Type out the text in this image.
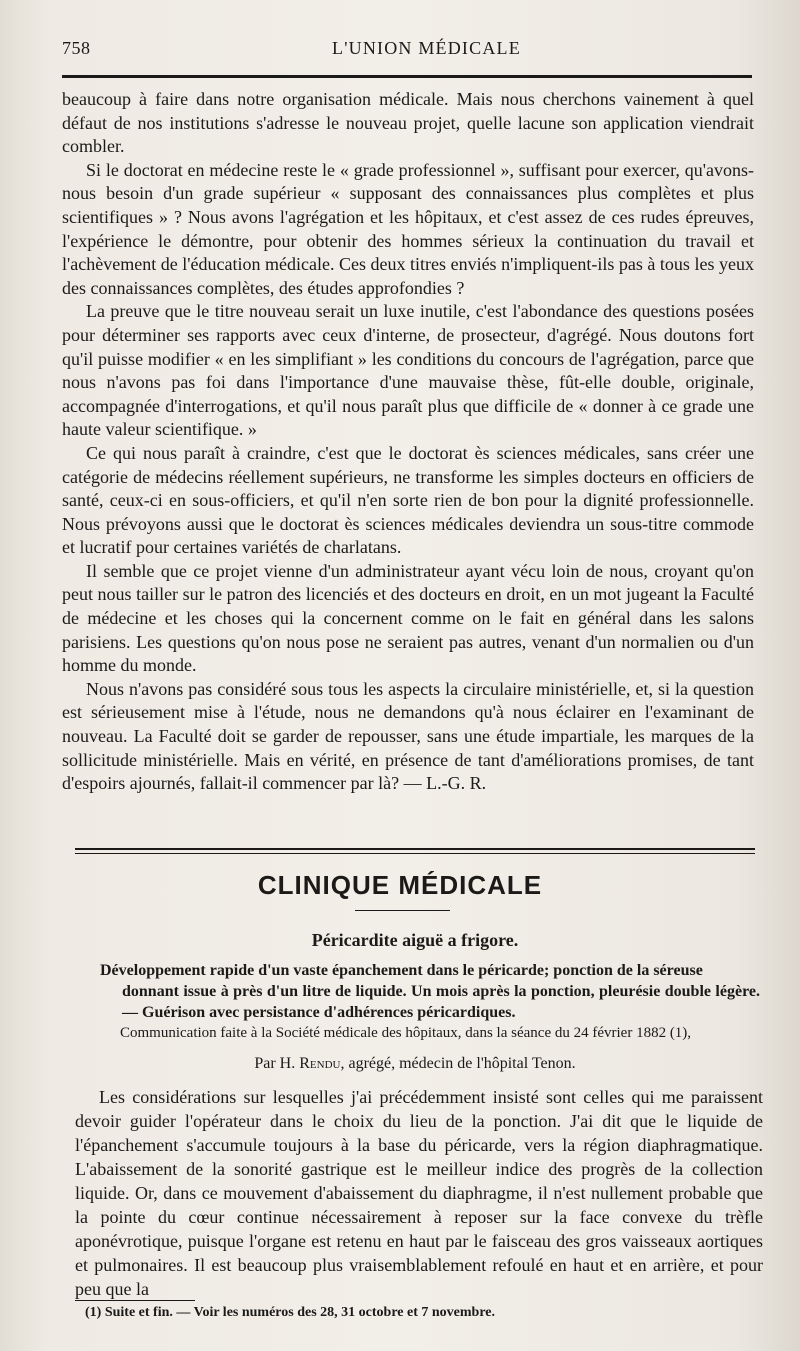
758	L'UNION MÉDICALE

beaucoup à faire dans notre organisation médicale. Mais nous cherchons vainement à quel défaut de nos institutions s'adresse le nouveau projet, quelle lacune son application viendrait combler.

Si le doctorat en médecine reste le « grade professionnel », suffisant pour exercer, qu'avons-nous besoin d'un grade supérieur « supposant des connaissances plus complètes et plus scientifiques » ? Nous avons l'agrégation et les hôpitaux, et c'est assez de ces rudes épreuves, l'expérience le démontre, pour obtenir des hommes sérieux la continuation du travail et l'achèvement de l'éducation médicale. Ces deux titres enviés n'impliquent-ils pas à tous les yeux des connaissances complètes, des études approfondies ?

La preuve que le titre nouveau serait un luxe inutile, c'est l'abondance des questions posées pour déterminer ses rapports avec ceux d'interne, de prosecteur, d'agrégé. Nous doutons fort qu'il puisse modifier « en les simplifiant » les conditions du concours de l'agrégation, parce que nous n'avons pas foi dans l'importance d'une mauvaise thèse, fût-elle double, originale, accompagnée d'interrogations, et qu'il nous paraît plus que difficile de « donner à ce grade une haute valeur scientifique. »

Ce qui nous paraît à craindre, c'est que le doctorat ès sciences médicales, sans créer une catégorie de médecins réellement supérieurs, ne transforme les simples docteurs en officiers de santé, ceux-ci en sous-officiers, et qu'il n'en sorte rien de bon pour la dignité professionnelle. Nous prévoyons aussi que le doctorat ès sciences médicales deviendra un sous-titre commode et lucratif pour certaines variétés de charlatans.

Il semble que ce projet vienne d'un administrateur ayant vécu loin de nous, croyant qu'on peut nous tailler sur le patron des licenciés et des docteurs en droit, en un mot jugeant la Faculté de médecine et les choses qui la concernent comme on le fait en général dans les salons parisiens. Les questions qu'on nous pose ne seraient pas autres, venant d'un normalien ou d'un homme du monde.

Nous n'avons pas considéré sous tous les aspects la circulaire ministérielle, et, si la question est sérieusement mise à l'étude, nous ne demandons qu'à nous éclairer en l'examinant de nouveau. La Faculté doit se garder de repousser, sans une étude impartiale, les marques de la sollicitude ministérielle. Mais en vérité, en présence de tant d'améliorations promises, de tant d'espoirs ajournés, fallait-il commencer par là? — L.-G. R.

CLINIQUE MÉDICALE
Péricardite aiguë a frigore.
Développement rapide d'un vaste épanchement dans le péricarde; ponction de la séreuse
donnant issue à près d'un litre de liquide. Un mois après la ponction, pleurésie double légère. — Guérison avec persistance d'adhérences péricardiques.
Communication faite à la Société médicale des hôpitaux, dans la séance du 24 février 1882 (1),
Par H. Rendu, agrégé, médecin de l'hôpital Tenon.

Les considérations sur lesquelles j'ai précédemment insisté sont celles qui me paraissent devoir guider l'opérateur dans le choix du lieu de la ponction. J'ai dit que le liquide de l'épanchement s'accumule toujours à la base du péricarde, vers la région diaphragmatique. L'abaissement de la sonorité gastrique est le meilleur indice des progrès de la collection liquide. Or, dans ce mouvement d'abaissement du diaphragme, il n'est nullement probable que la pointe du cœur continue nécessairement à reposer sur la face convexe du trèfle aponévrotique, puisque l'organe est retenu en haut par le faisceau des gros vaisseaux aortiques et pulmonaires. Il est beaucoup plus vraisemblablement refoulé en haut et en arrière, et pour peu que la

(1) Suite et fin. — Voir les numéros des 28, 31 octobre et 7 novembre.
